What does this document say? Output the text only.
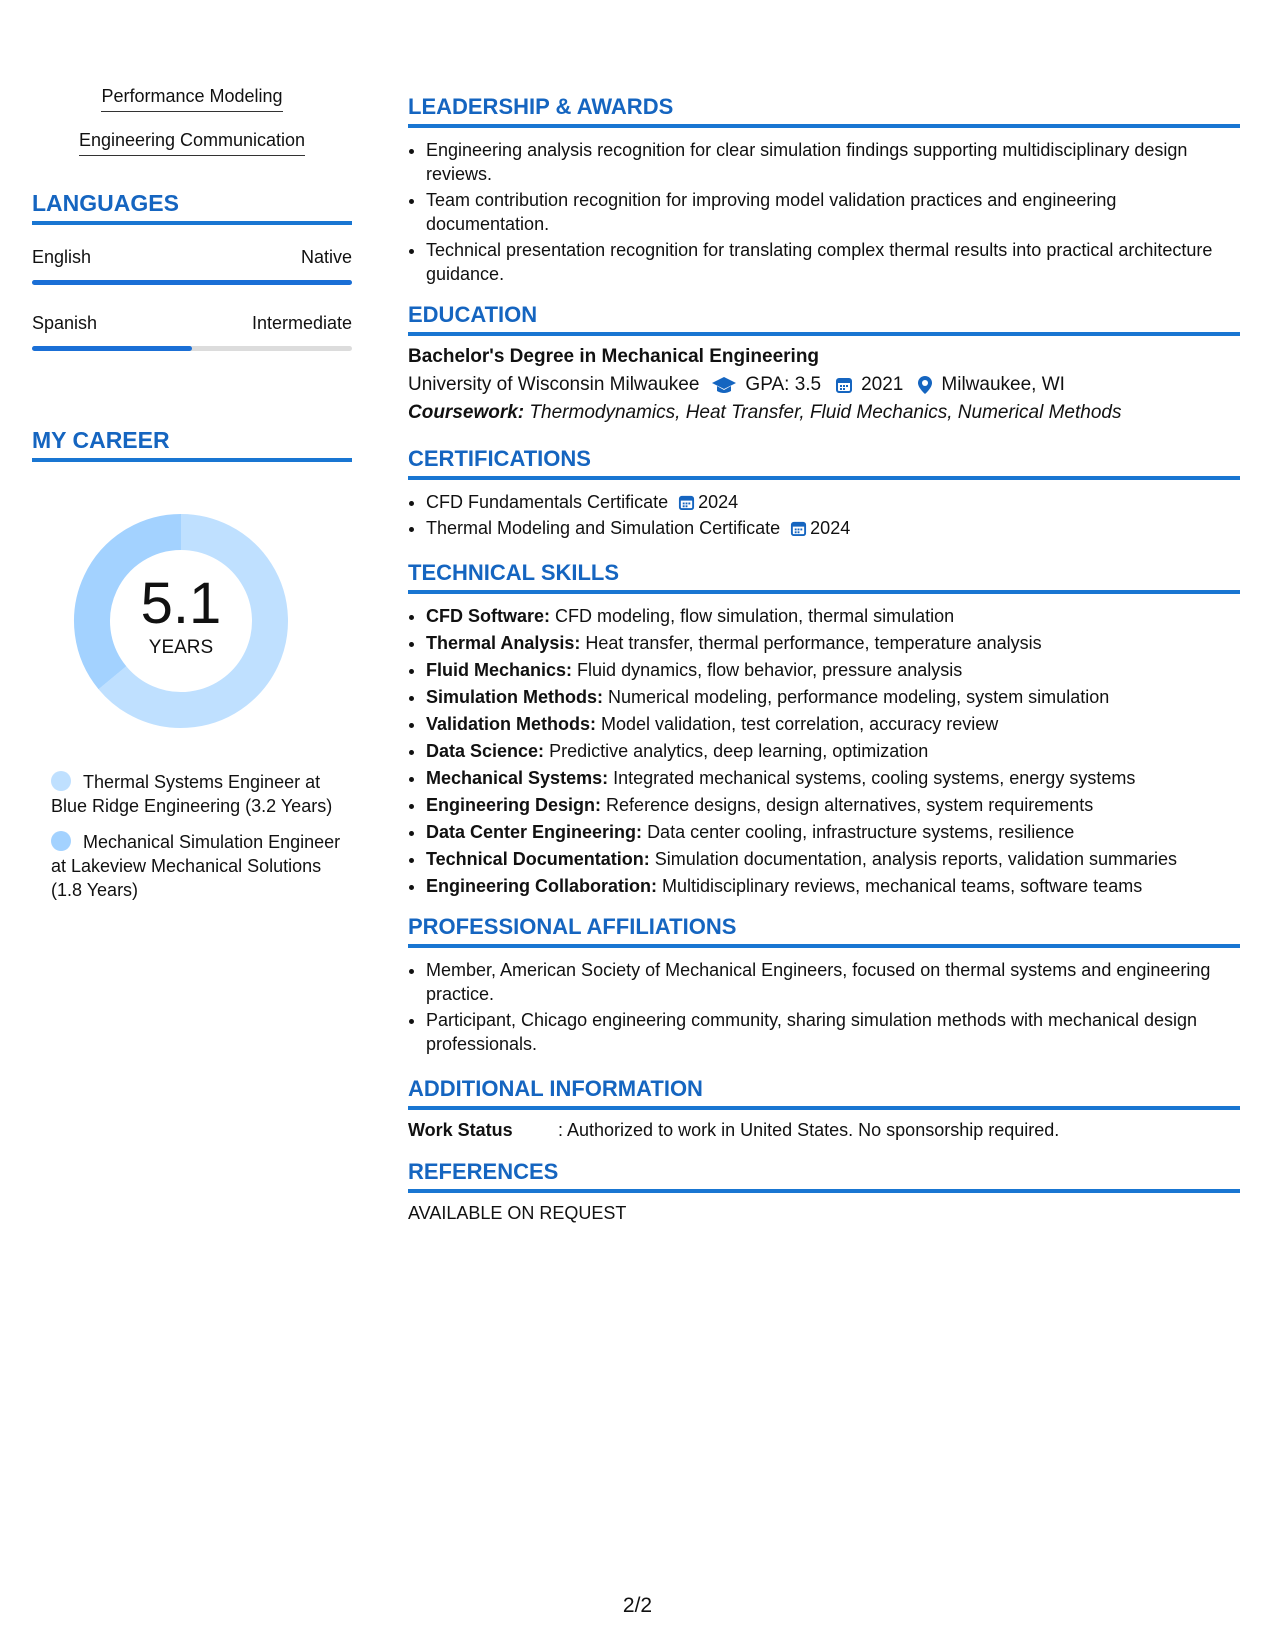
Performance Modeling
Engineering Communication
LANGUAGES
English	Native
Spanish	Intermediate
MY CAREER
5.1
YEARS
Thermal Systems Engineer at Blue Ridge Engineering (3.2 Years)
Mechanical Simulation Engineer at Lakeview Mechanical Solutions (1.8 Years)
LEADERSHIP & AWARDS
• Engineering analysis recognition for clear simulation findings supporting multidisciplinary design reviews.
• Team contribution recognition for improving model validation practices and engineering documentation.
• Technical presentation recognition for translating complex thermal results into practical architecture guidance.
EDUCATION
Bachelor's Degree in Mechanical Engineering
University of Wisconsin Milwaukee GPA: 3.5 2021 Milwaukee, WI
Coursework: Thermodynamics, Heat Transfer, Fluid Mechanics, Numerical Methods
CERTIFICATIONS
• CFD Fundamentals Certificate 2024
• Thermal Modeling and Simulation Certificate 2024
TECHNICAL SKILLS
• CFD Software: CFD modeling, flow simulation, thermal simulation
• Thermal Analysis: Heat transfer, thermal performance, temperature analysis
• Fluid Mechanics: Fluid dynamics, flow behavior, pressure analysis
• Simulation Methods: Numerical modeling, performance modeling, system simulation
• Validation Methods: Model validation, test correlation, accuracy review
• Data Science: Predictive analytics, deep learning, optimization
• Mechanical Systems: Integrated mechanical systems, cooling systems, energy systems
• Engineering Design: Reference designs, design alternatives, system requirements
• Data Center Engineering: Data center cooling, infrastructure systems, resilience
• Technical Documentation: Simulation documentation, analysis reports, validation summaries
• Engineering Collaboration: Multidisciplinary reviews, mechanical teams, software teams
PROFESSIONAL AFFILIATIONS
• Member, American Society of Mechanical Engineers, focused on thermal systems and engineering practice.
• Participant, Chicago engineering community, sharing simulation methods with mechanical design professionals.
ADDITIONAL INFORMATION
Work Status	: Authorized to work in United States. No sponsorship required.
REFERENCES
AVAILABLE ON REQUEST
2/2
